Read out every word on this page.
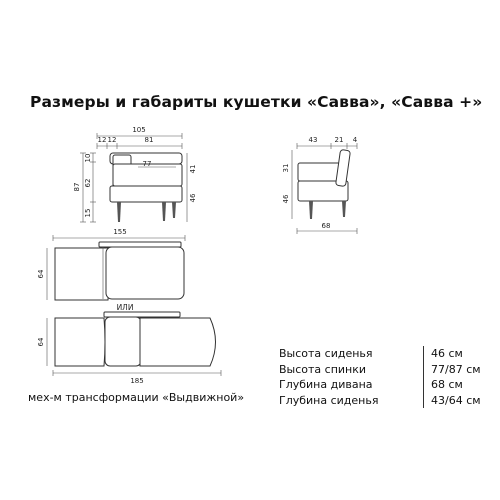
Размеры и габариты кушетки «Савва», «Савва +»
105
12 12	81
77
87
10
62
15
41
46
43 21 4
31
46
68
155
64
ИЛИ
64
185
мех-м трансформации «Выдвижной»
Высота сиденья	46 см
Высота спинки	77/87 см
Глубина дивана	68 см
Глубина сиденья	43/64 см
